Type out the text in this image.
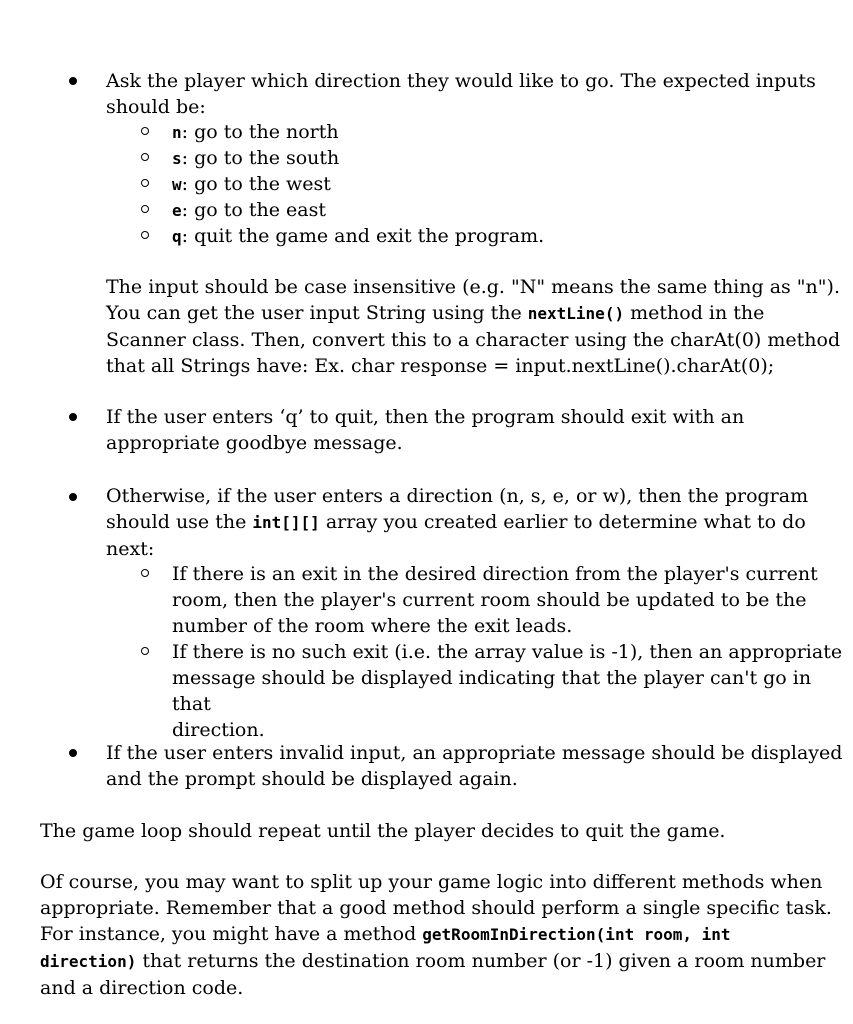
Ask the player which direction they would like to go. The expected inputs
should be:
n: go to the north
s: go to the south
w: go to the west
e: go to the east
q: quit the game and exit the program.
The input should be case insensitive (e.g. "N" means the same thing as "n").
You can get the user input String using the nextLine() method in the
Scanner class. Then, convert this to a character using the charAt(0) method
that all Strings have: Ex. char response = input.nextLine().charAt(0);
If the user enters ‘q’ to quit, then the program should exit with an
appropriate goodbye message.
Otherwise, if the user enters a direction (n, s, e, or w), then the program
should use the int[][] array you created earlier to determine what to do
next:
If there is an exit in the desired direction from the player's current
room, then the player's current room should be updated to be the
number of the room where the exit leads.
If there is no such exit (i.e. the array value is -1), then an appropriate
message should be displayed indicating that the player can't go in that
direction.
If the user enters invalid input, an appropriate message should be displayed
and the prompt should be displayed again.
The game loop should repeat until the player decides to quit the game.
Of course, you may want to split up your game logic into different methods when
appropriate. Remember that a good method should perform a single specific task.
For instance, you might have a method getRoomInDirection(int room, int
direction) that returns the destination room number (or -1) given a room number
and a direction code.
